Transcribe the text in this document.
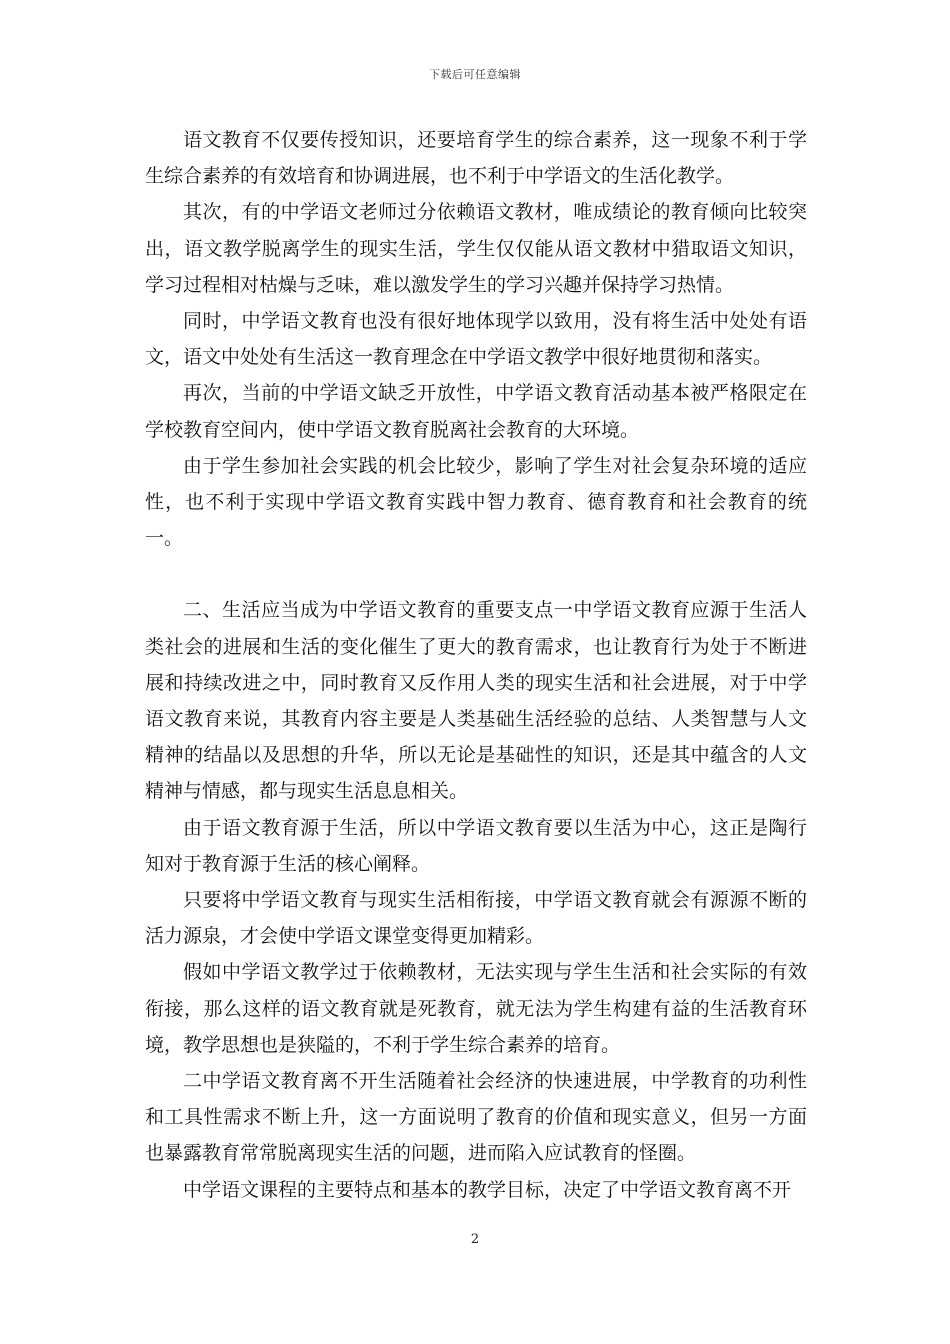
下载后可任意编辑

语文教育不仅要传授知识，还要培育学生的综合素养，这一现象不利于学生综合素养的有效培育和协调进展，也不利于中学语文的生活化教学。

其次，有的中学语文老师过分依赖语文教材，唯成绩论的教育倾向比较突出，语文教学脱离学生的现实生活，学生仅仅能从语文教材中猎取语文知识，学习过程相对枯燥与乏味，难以激发学生的学习兴趣并保持学习热情。

同时，中学语文教育也没有很好地体现学以致用，没有将生活中处处有语文，语文中处处有生活这一教育理念在中学语文教学中很好地贯彻和落实。

再次，当前的中学语文缺乏开放性，中学语文教育活动基本被严格限定在学校教育空间内，使中学语文教育脱离社会教育的大环境。

由于学生参加社会实践的机会比较少，影响了学生对社会复杂环境的适应性，也不利于实现中学语文教育实践中智力教育、德育教育和社会教育的统一。

二、生活应当成为中学语文教育的重要支点一中学语文教育应源于生活人类社会的进展和生活的变化催生了更大的教育需求，也让教育行为处于不断进展和持续改进之中，同时教育又反作用人类的现实生活和社会进展，对于中学语文教育来说，其教育内容主要是人类基础生活经验的总结、人类智慧与人文精神的结晶以及思想的升华，所以无论是基础性的知识，还是其中蕴含的人文精神与情感，都与现实生活息息相关。

由于语文教育源于生活，所以中学语文教育要以生活为中心，这正是陶行知对于教育源于生活的核心阐释。

只要将中学语文教育与现实生活相衔接，中学语文教育就会有源源不断的活力源泉，才会使中学语文课堂变得更加精彩。

假如中学语文教学过于依赖教材，无法实现与学生生活和社会实际的有效衔接，那么这样的语文教育就是死教育，就无法为学生构建有益的生活教育环境，教学思想也是狭隘的，不利于学生综合素养的培育。

二中学语文教育离不开生活随着社会经济的快速进展，中学教育的功利性和工具性需求不断上升，这一方面说明了教育的价值和现实意义，但另一方面也暴露教育常常脱离现实生活的问题，进而陷入应试教育的怪圈。

中学语文课程的主要特点和基本的教学目标，决定了中学语文教育离不开

2
